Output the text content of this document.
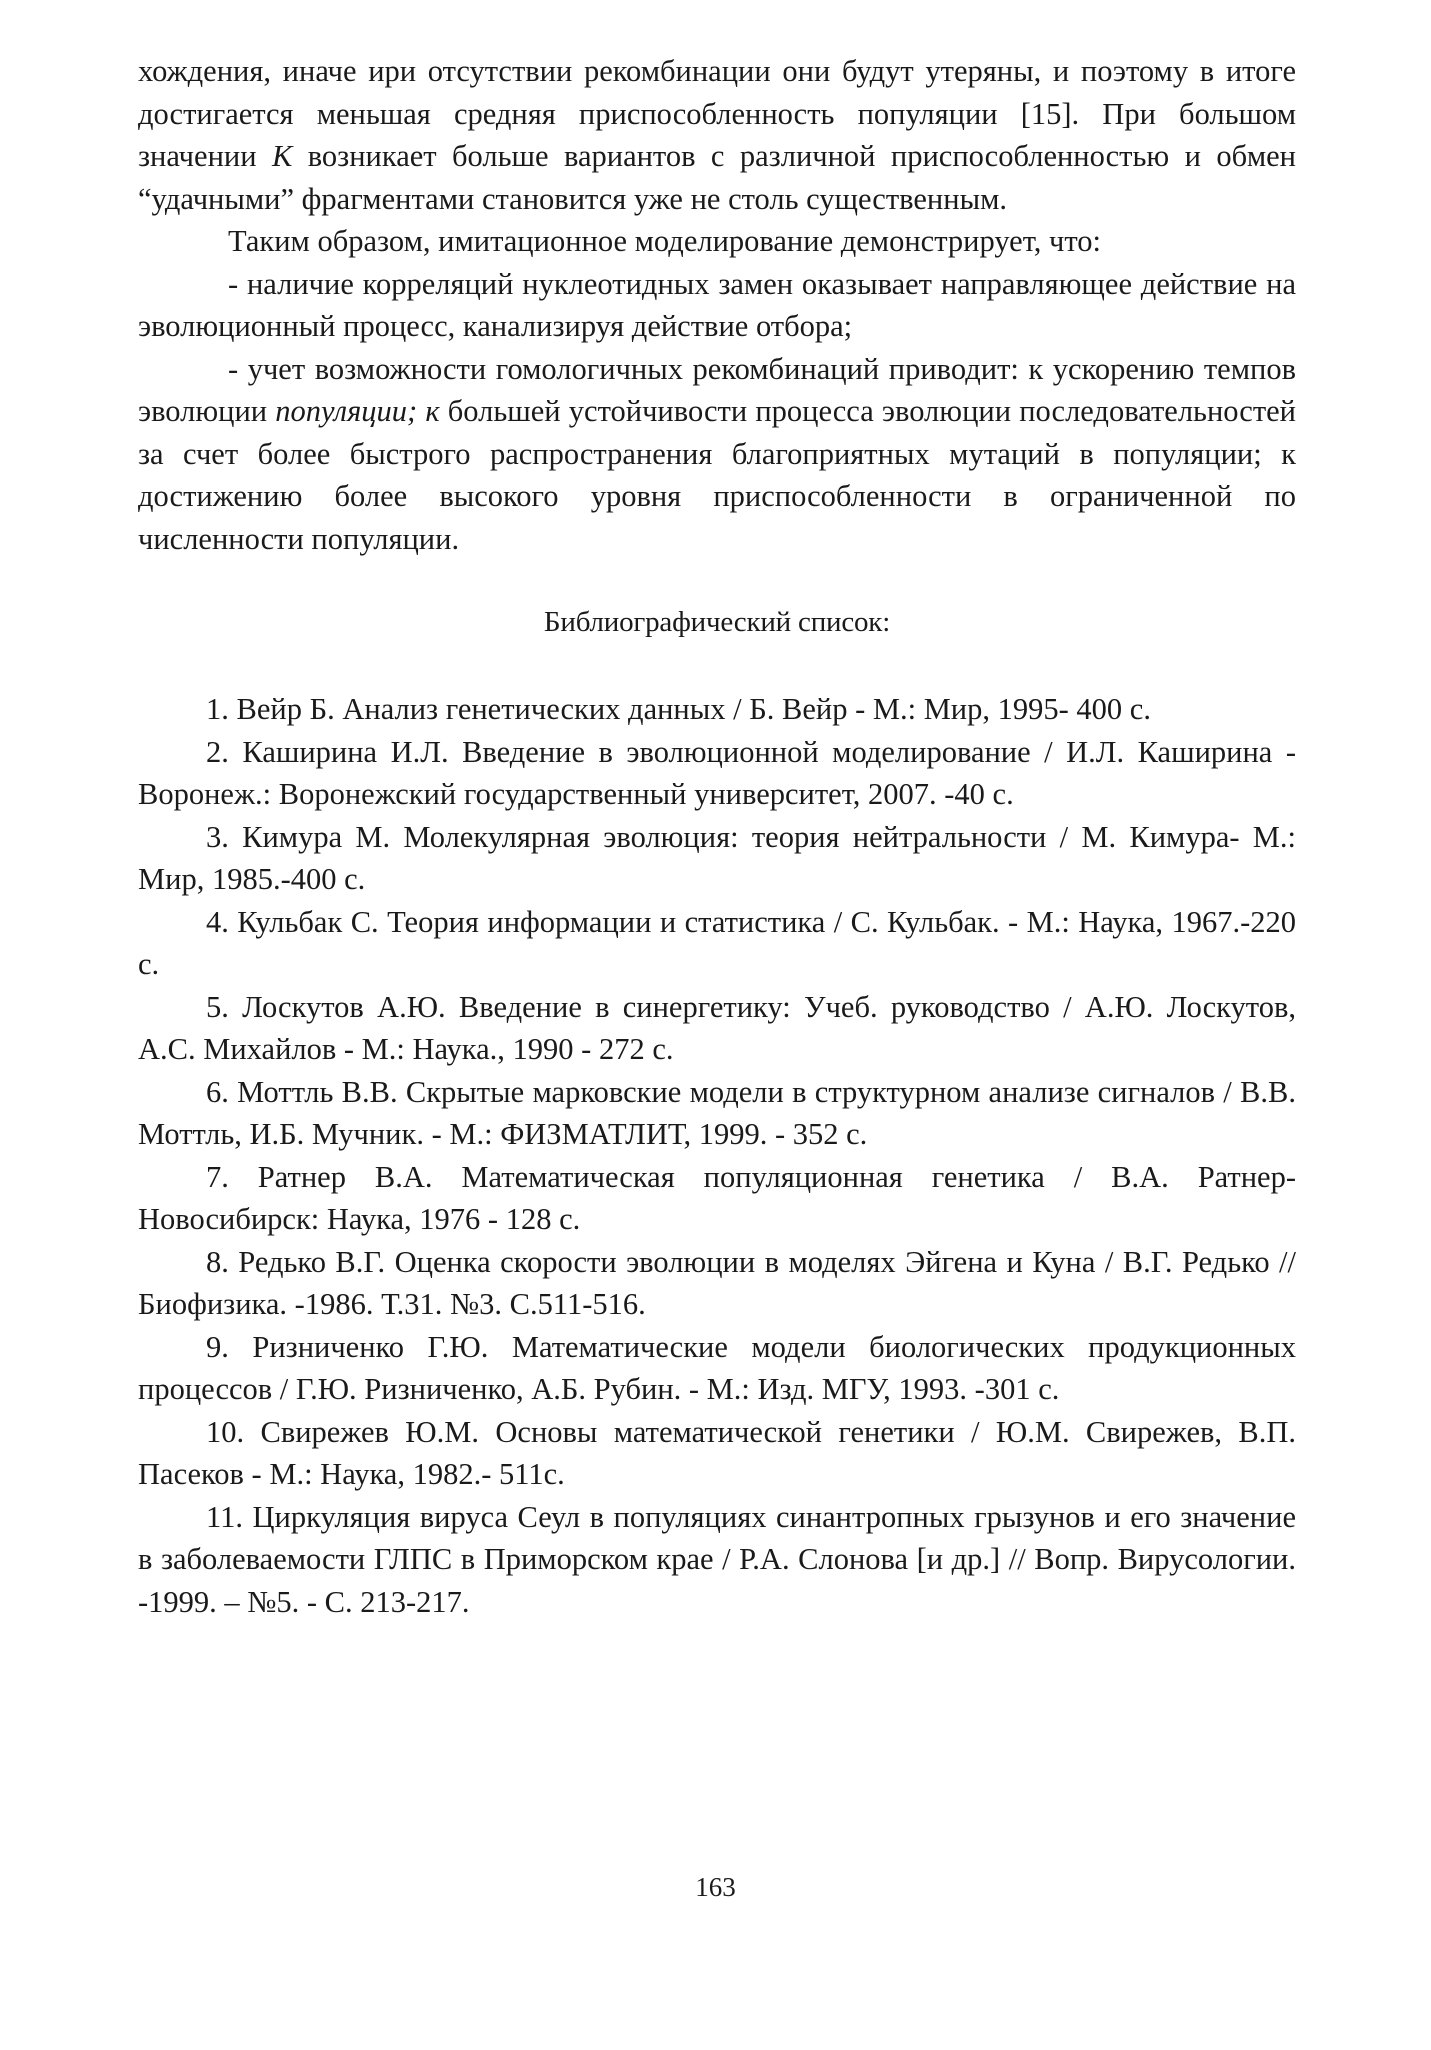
хождения, иначе ири отсутствии рекомбинации они будут утеряны, и поэтому в итоге достигается меньшая средняя приспособленность популяции [15]. При большом значении K возникает больше вариантов с различной приспособленностью и обмен “удачными” фрагментами становится уже не столь существенным.

Таким образом, имитационное моделирование демонстрирует, что:

- наличие корреляций нуклеотидных замен оказывает направляющее действие на эволюционный процесс, канализируя действие отбора;

- учет возможности гомологичных рекомбинаций приводит: к ускорению темпов эволюции популяции; к большей устойчивости процесса эволюции последовательностей за счет более быстрого распространения благоприятных мутаций в популяции; к достижению более высокого уровня приспособленности в ограниченной по численности популяции.

Библиографический список:

1. Вейр Б. Анализ генетических данных / Б. Вейр - М.: Мир, 1995- 400 с.

2. Каширина И.Л. Введение в эволюционной моделирование / И.Л. Каширина - Воронеж.: Воронежский государственный университет, 2007. -40 с.

3. Кимура М. Молекулярная эволюция: теория нейтральности / М. Кимура- М.: Мир, 1985.-400 с.

4. Кульбак С. Теория информации и статистика / С. Кульбак. - М.: Наука, 1967.-220 с.

5. Лоскутов А.Ю. Введение в синергетику: Учеб. руководство / А.Ю. Лоскутов, А.С. Михайлов - М.: Наука., 1990 - 272 с.

6. Моттль В.В. Скрытые марковские модели в структурном анализе сигналов / В.В. Моттль, И.Б. Мучник. - М.: ФИЗМАТЛИТ, 1999. - 352 с.

7. Ратнер В.А. Математическая популяционная генетика / В.А. Ратнер-Новосибирск: Наука, 1976 - 128 с.

8. Редько В.Г. Оценка скорости эволюции в моделях Эйгена и Куна / В.Г. Редько // Биофизика. -1986. Т.31. №3. С.511-516.

9. Ризниченко Г.Ю. Математические модели биологических продукционных процессов / Г.Ю. Ризниченко, А.Б. Рубин. - М.: Изд. МГУ, 1993. -301 с.

10. Свирежев Ю.М. Основы математической генетики / Ю.М. Свирежев, В.П. Пасеков - М.: Наука, 1982.- 511с.

11. Циркуляция вируса Сеул в популяциях синантропных грызунов и его значение в заболеваемости ГЛПС в Приморском крае / Р.А. Слонова [и др.] // Вопр. Вирусологии. -1999. – №5. - С. 213-217.

163
